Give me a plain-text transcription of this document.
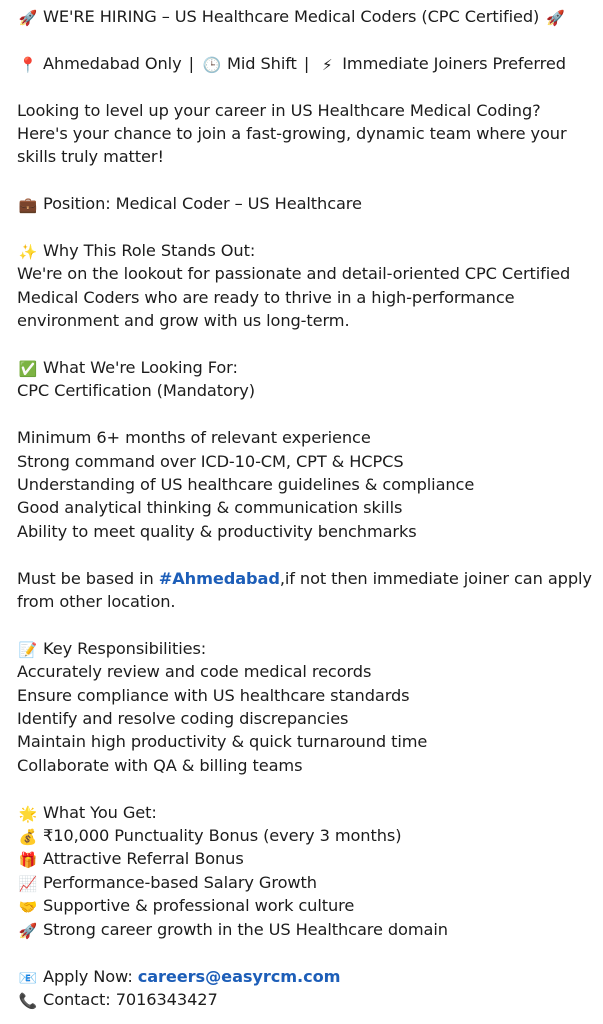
🚀 WE'RE HIRING – US Healthcare Medical Coders (CPC Certified) 🚀
📍 Ahmedabad Only | 🕒 Mid Shift | ⚡ Immediate Joiners Preferred
Looking to level up your career in US Healthcare Medical Coding?
Here's your chance to join a fast-growing, dynamic team where your
skills truly matter!
💼 Position: Medical Coder – US Healthcare
✨ Why This Role Stands Out:
We're on the lookout for passionate and detail-oriented CPC Certified
Medical Coders who are ready to thrive in a high-performance
environment and grow with us long-term.
✅ What We're Looking For:
CPC Certification (Mandatory)
Minimum 6+ months of relevant experience
Strong command over ICD-10-CM, CPT & HCPCS
Understanding of US healthcare guidelines & compliance
Good analytical thinking & communication skills
Ability to meet quality & productivity benchmarks
Must be based in #Ahmedabad,if not then immediate joiner can apply
from other location.
📝 Key Responsibilities:
Accurately review and code medical records
Ensure compliance with US healthcare standards
Identify and resolve coding discrepancies
Maintain high productivity & quick turnaround time
Collaborate with QA & billing teams
🌟 What You Get:
💰 ₹10,000 Punctuality Bonus (every 3 months)
🎁 Attractive Referral Bonus
📈 Performance-based Salary Growth
🤝 Supportive & professional work culture
🚀 Strong career growth in the US Healthcare domain
📧 Apply Now: careers@easyrcm.com
📞 Contact: 7016343427
